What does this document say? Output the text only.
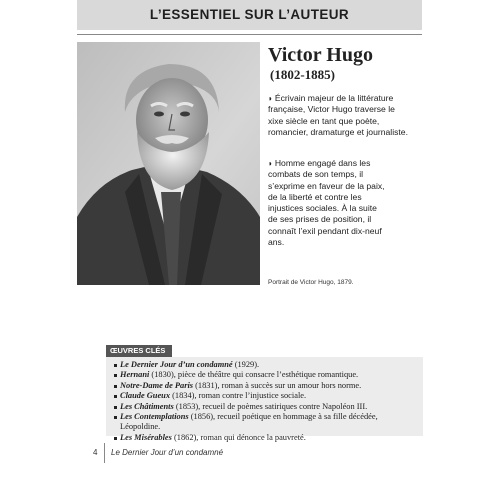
L’ESSENTIEL SUR L’AUTEUR
Victor Hugo
(1802-1885)
◗ Écrivain majeur de la littérature française, Victor Hugo traverse le xixe siècle en tant que poète, romancier, dramaturge et journaliste.
◗ Homme engagé dans les combats de son temps, il s’exprime en faveur de la paix, de la liberté et contre les injustices sociales. À la suite de ses prises de position, il connaît l’exil pendant dix-neuf ans.
Portrait de Victor Hugo, 1879.
ŒUVRES CLÉS
Le Dernier Jour d’un condamné (1929).
Hernani (1830), pièce de théâtre qui consacre l’esthétique romantique.
Notre-Dame de Paris (1831), roman à succès sur un amour hors norme.
Claude Gueux (1834), roman contre l’injustice sociale.
Les Châtiments (1853), recueil de poèmes satiriques contre Napoléon III.
Les Contemplations (1856), recueil poétique en hommage à sa fille décédée, Léopoldine.
Les Misérables (1862), roman qui dénonce la pauvreté.
4 Le Dernier Jour d’un condamné
